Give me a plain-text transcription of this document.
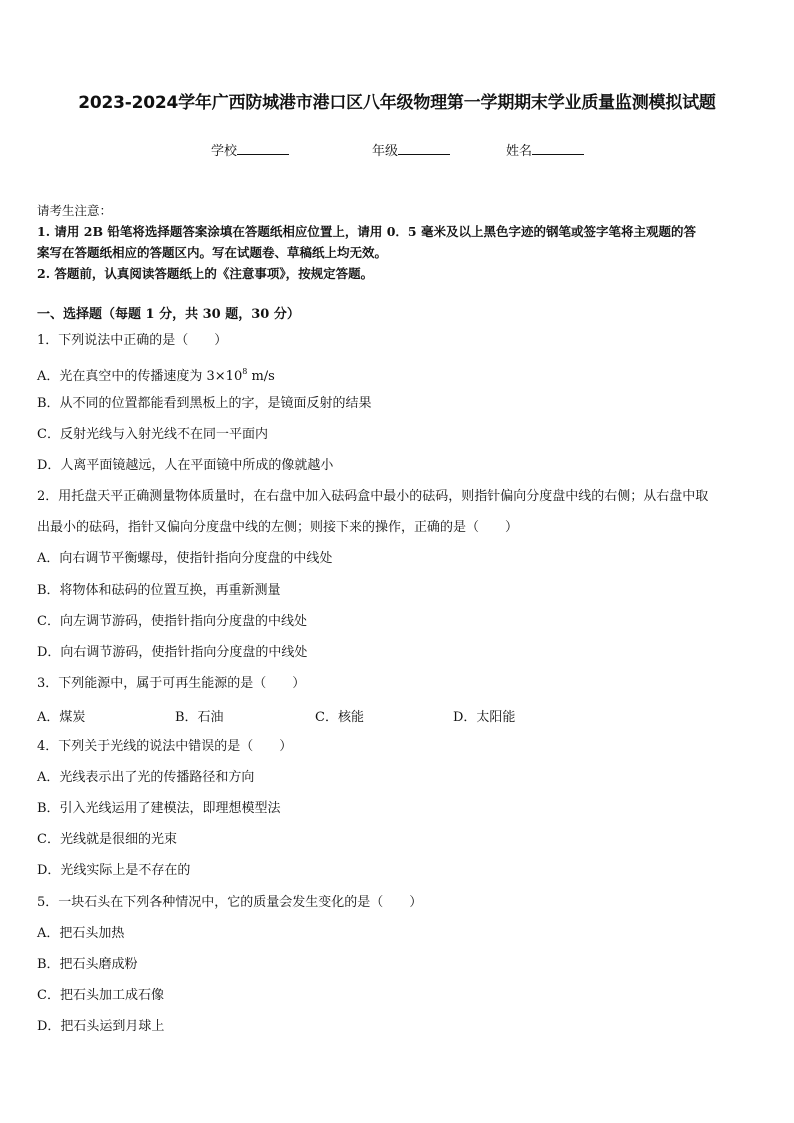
2023-2024学年广西防城港市港口区八年级物理第一学期期末学业质量监测模拟试题
学校	年级	姓名
请考生注意：
1. 请用 2B 铅笔将选择题答案涂填在答题纸相应位置上，请用 0．5 毫米及以上黑色字迹的钢笔或签字笔将主观题的答
案写在答题纸相应的答题区内。写在试题卷、草稿纸上均无效。
2. 答题前，认真阅读答题纸上的《注意事项》，按规定答题。
一、选择题（每题 1 分，共 30 题，30 分）
1．下列说法中正确的是（　　）
A．光在真空中的传播速度为 $3\times 10^8$ m/s
B．从不同的位置都能看到黑板上的字，是镜面反射的结果
C．反射光线与入射光线不在同一平面内
D．人离平面镜越远，人在平面镜中所成的像就越小
2．用托盘天平正确测量物体质量时，在右盘中加入砝码盒中最小的砝码，则指针偏向分度盘中线的右侧；从右盘中取
出最小的砝码，指针又偏向分度盘中线的左侧；则接下来的操作，正确的是（　　）
A．向右调节平衡螺母，使指针指向分度盘的中线处
B．将物体和砝码的位置互换，再重新测量
C．向左调节游码，使指针指向分度盘的中线处
D．向右调节游码，使指针指向分度盘的中线处
3．下列能源中，属于可再生能源的是（　　）
A．煤炭	B．石油	C．核能	D．太阳能
4．下列关于光线的说法中错误的是（　　）
A．光线表示出了光的传播路径和方向
B．引入光线运用了建模法，即理想模型法
C．光线就是很细的光束
D．光线实际上是不存在的
5．一块石头在下列各种情况中，它的质量会发生变化的是（　　）
A．把石头加热
B．把石头磨成粉
C．把石头加工成石像
D．把石头运到月球上
